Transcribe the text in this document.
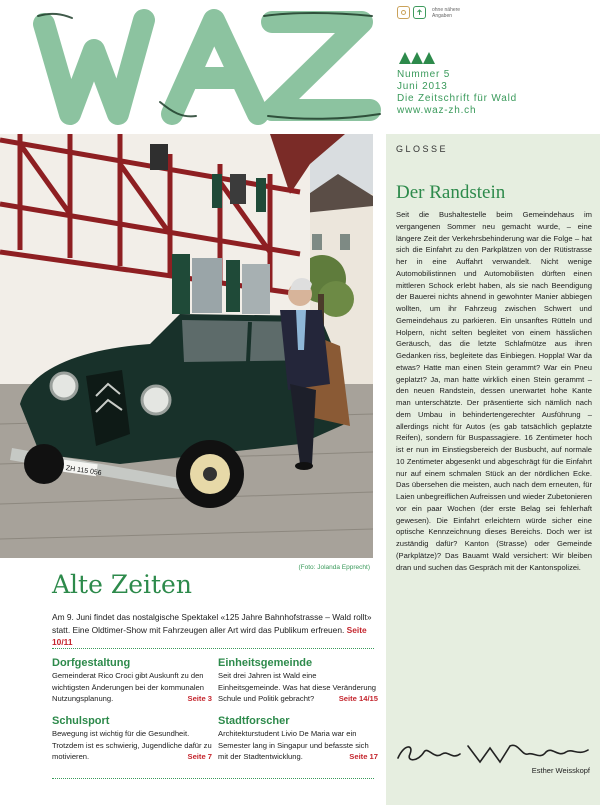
ohne nähere Angaben
Nummer 5
Juni 2013
Die Zeitschrift für Wald
www.waz-zh.ch
ZH 115 056
(Foto: Jolanda Epprecht)
GLOSSE
Der Randstein
Seit die Bushaltestelle beim Gemeindehaus im vergangenen Sommer neu gemacht wurde, – eine längere Zeit der Verkehrsbehinderung war die Folge – hat sich die Einfahrt zu den Parkplätzen von der Rütistrasse her in eine Auffahrt verwandelt. Nicht wenige Automobilistinnen und Automobilisten dürften einen mittleren Schock erlebt haben, als sie nach Beendigung der Bauerei nichts ahnend in gewohnter Manier abbiegen wollten, um ihr Fahrzeug zwischen Schwert und Gemeindehaus zu parkieren. Ein unsanftes Rütteln und Holpern, nicht selten begleitet von einem hässlichen Geräusch, das die letzte Schlafmütze aus ihren Gedanken riss, begleitete das Einbiegen. Hoppla! War da etwas? Hatte man einen Stein gerammt? War ein Pneu geplatzt? Ja, man hatte wirklich einen Stein gerammt – den neuen Randstein, dessen unerwartet hohe Kante man unterschätzte. Der präsentierte sich nämlich nach dem Umbau in behindertengerechter Ausführung – allerdings nicht für Autos (es gab tatsächlich geplatzte Reifen), sondern für Buspassagiere. 16 Zentimeter hoch ist er nun im Einstiegsbereich der Busbucht, auf normale 10 Zentimeter abgesenkt und abgeschrägt für die Einfahrt nur auf einem schmalen Stück an der nördlichen Ecke. Das übersehen die meisten, auch nach dem erneuten, für Laien unbegreiflichen Aufreissen und wieder Zubetonieren vor ein paar Wochen (der erste Belag sei fehlerhaft gewesen). Die Einfahrt erleichtern würde sicher eine optische Kennzeichnung dieses Bereichs. Doch wer ist zuständig dafür? Kanton (Strasse) oder Gemeinde (Parkplätze)? Das Bauamt Wald versichert: Wir bleiben dran und suchen das Gespräch mit der Kantonspolizei.
Esther Weisskopf
Alte Zeiten
Am 9. Juni findet das nostalgische Spektakel «125 Jahre Bahnhofstrasse – Wald rollt» statt. Eine Oldtimer-Show mit Fahrzeugen aller Art wird das Publikum erfreuen. Seite 10/11
Dorfgestaltung

Gemeinderat Rico Croci gibt Auskunft zu den wichtigsten Änderungen bei der kommunalen Nutzungsplanung.	Seite 3

Einheitsgemeinde

Seit drei Jahren ist Wald eine Einheitsgemeinde. Was hat diese Veränderung Schule und Politik gebracht?	Seite 14/15

Schulsport

Bewegung ist wichtig für die Gesundheit. Trotzdem ist es schwierig, Jugendliche dafür zu motivieren.	Seite 7

Stadtforscher

Architekturstudent Livio De Maria war ein Semester lang in Singapur und befasste sich mit der Stadtentwicklung.	Seite 17
